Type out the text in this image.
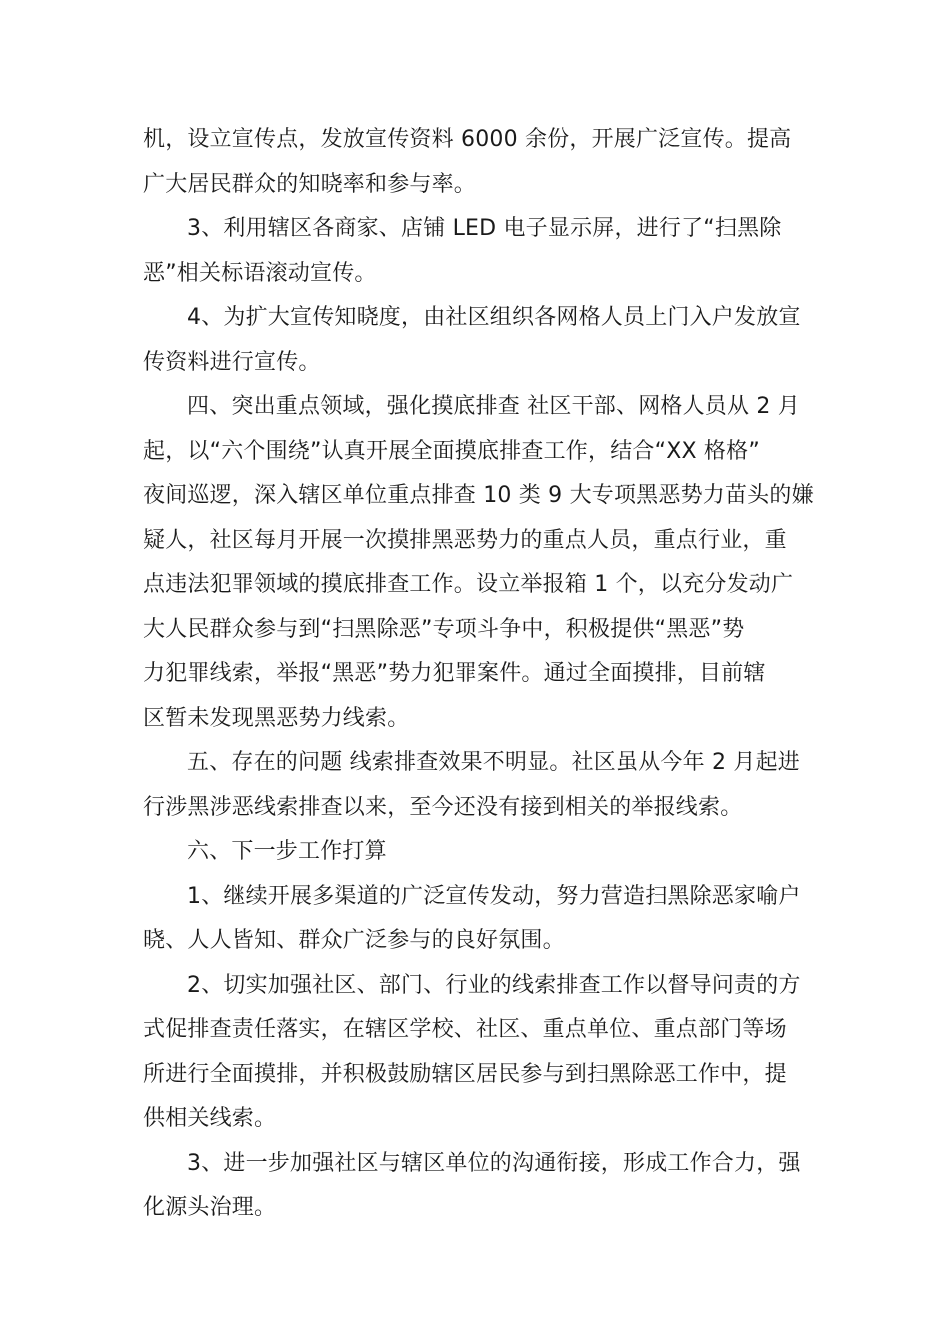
机，设立宣传点，发放宣传资料 6000 余份，开展广泛宣传。提高
广大居民群众的知晓率和参与率。

3、利用辖区各商家、店铺 LED 电子显示屏，进行了“扫黑除
恶”相关标语滚动宣传。

4、为扩大宣传知晓度，由社区组织各网格人员上门入户发放宣
传资料进行宣传。

四、突出重点领域，强化摸底排查 社区干部、网格人员从 2 月
起，以“六个围绕”认真开展全面摸底排查工作，结合“XX 格格”
夜间巡逻，深入辖区单位重点排查 10 类 9 大专项黑恶势力苗头的嫌
疑人，社区每月开展一次摸排黑恶势力的重点人员，重点行业，重
点违法犯罪领域的摸底排查工作。设立举报箱 1 个，以充分发动广
大人民群众参与到“扫黑除恶”专项斗争中，积极提供“黑恶”势
力犯罪线索，举报“黑恶”势力犯罪案件。通过全面摸排，目前辖
区暂未发现黑恶势力线索。

五、存在的问题 线索排查效果不明显。社区虽从今年 2 月起进
行涉黑涉恶线索排查以来，至今还没有接到相关的举报线索。

六、下一步工作打算

1、继续开展多渠道的广泛宣传发动，努力营造扫黑除恶家喻户
晓、人人皆知、群众广泛参与的良好氛围。

2、切实加强社区、部门、行业的线索排查工作以督导问责的方
式促排查责任落实，在辖区学校、社区、重点单位、重点部门等场
所进行全面摸排，并积极鼓励辖区居民参与到扫黑除恶工作中，提
供相关线索。

3、进一步加强社区与辖区单位的沟通衔接，形成工作合力，强
化源头治理。
